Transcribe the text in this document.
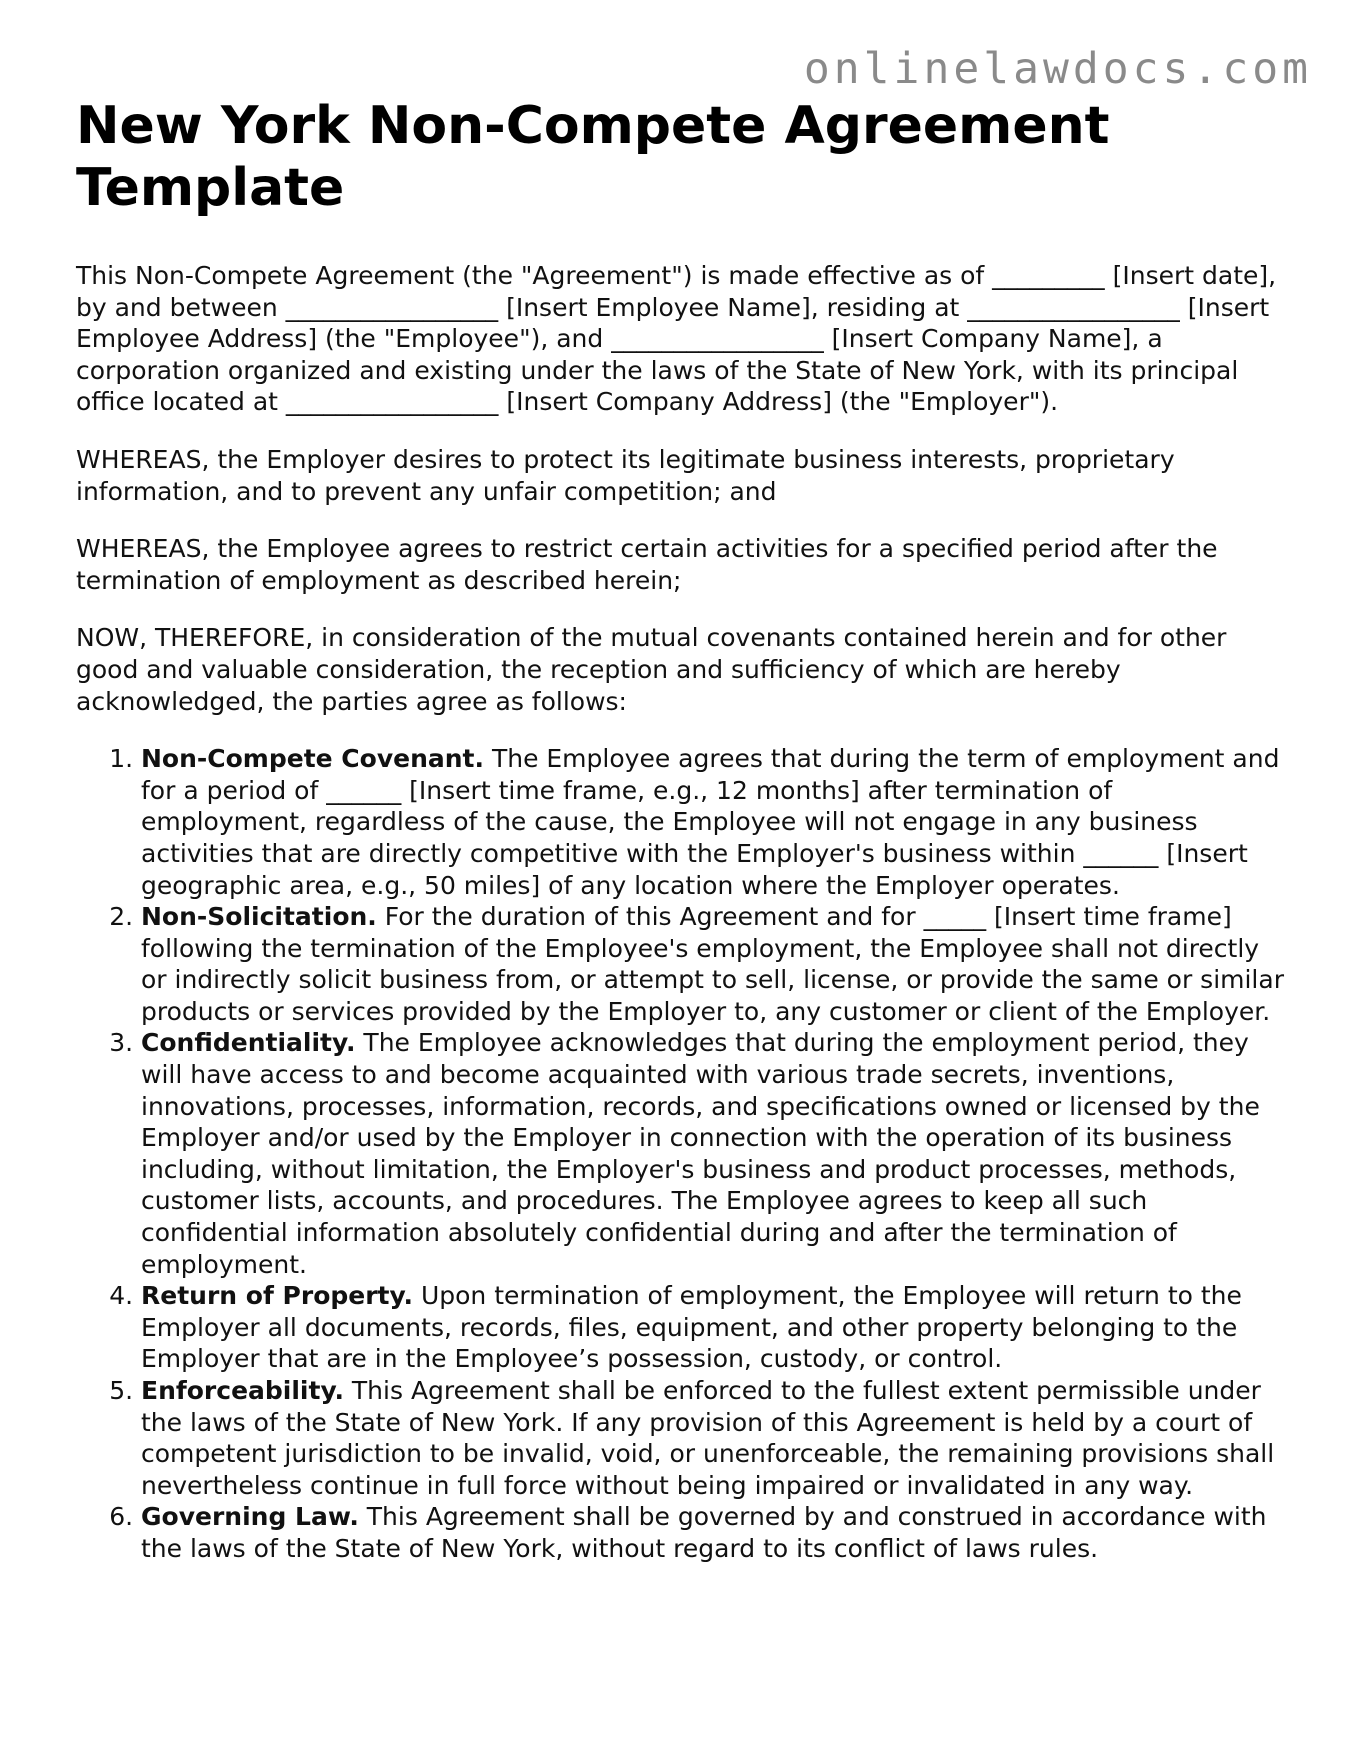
onlinelawdocs.com
New York Non-Compete Agreement Template

This Non-Compete Agreement (the "Agreement") is made effective as of _________ [Insert date], by and between _________________ [Insert Employee Name], residing at _________________ [Insert Employee Address] (the "Employee"), and _________________ [Insert Company Name], a corporation organized and existing under the laws of the State of New York, with its principal office located at _________________ [Insert Company Address] (the "Employer").

WHEREAS, the Employer desires to protect its legitimate business interests, proprietary information, and to prevent any unfair competition; and

WHEREAS, the Employee agrees to restrict certain activities for a specified period after the termination of employment as described herein;

NOW, THEREFORE, in consideration of the mutual covenants contained herein and for other good and valuable consideration, the reception and sufficiency of which are hereby acknowledged, the parties agree as follows:

1. Non-Compete Covenant. The Employee agrees that during the term of employment and for a period of ______ [Insert time frame, e.g., 12 months] after termination of employment, regardless of the cause, the Employee will not engage in any business activities that are directly competitive with the Employer's business within ______ [Insert geographic area, e.g., 50 miles] of any location where the Employer operates.
2. Non-Solicitation. For the duration of this Agreement and for _____ [Insert time frame] following the termination of the Employee's employment, the Employee shall not directly or indirectly solicit business from, or attempt to sell, license, or provide the same or similar products or services provided by the Employer to, any customer or client of the Employer.
3. Confidentiality. The Employee acknowledges that during the employment period, they will have access to and become acquainted with various trade secrets, inventions, innovations, processes, information, records, and specifications owned or licensed by the Employer and/or used by the Employer in connection with the operation of its business including, without limitation, the Employer's business and product processes, methods, customer lists, accounts, and procedures. The Employee agrees to keep all such confidential information absolutely confidential during and after the termination of employment.
4. Return of Property. Upon termination of employment, the Employee will return to the Employer all documents, records, files, equipment, and other property belonging to the Employer that are in the Employee’s possession, custody, or control.
5. Enforceability. This Agreement shall be enforced to the fullest extent permissible under the laws of the State of New York. If any provision of this Agreement is held by a court of competent jurisdiction to be invalid, void, or unenforceable, the remaining provisions shall nevertheless continue in full force without being impaired or invalidated in any way.
6. Governing Law. This Agreement shall be governed by and construed in accordance with the laws of the State of New York, without regard to its conflict of laws rules.
